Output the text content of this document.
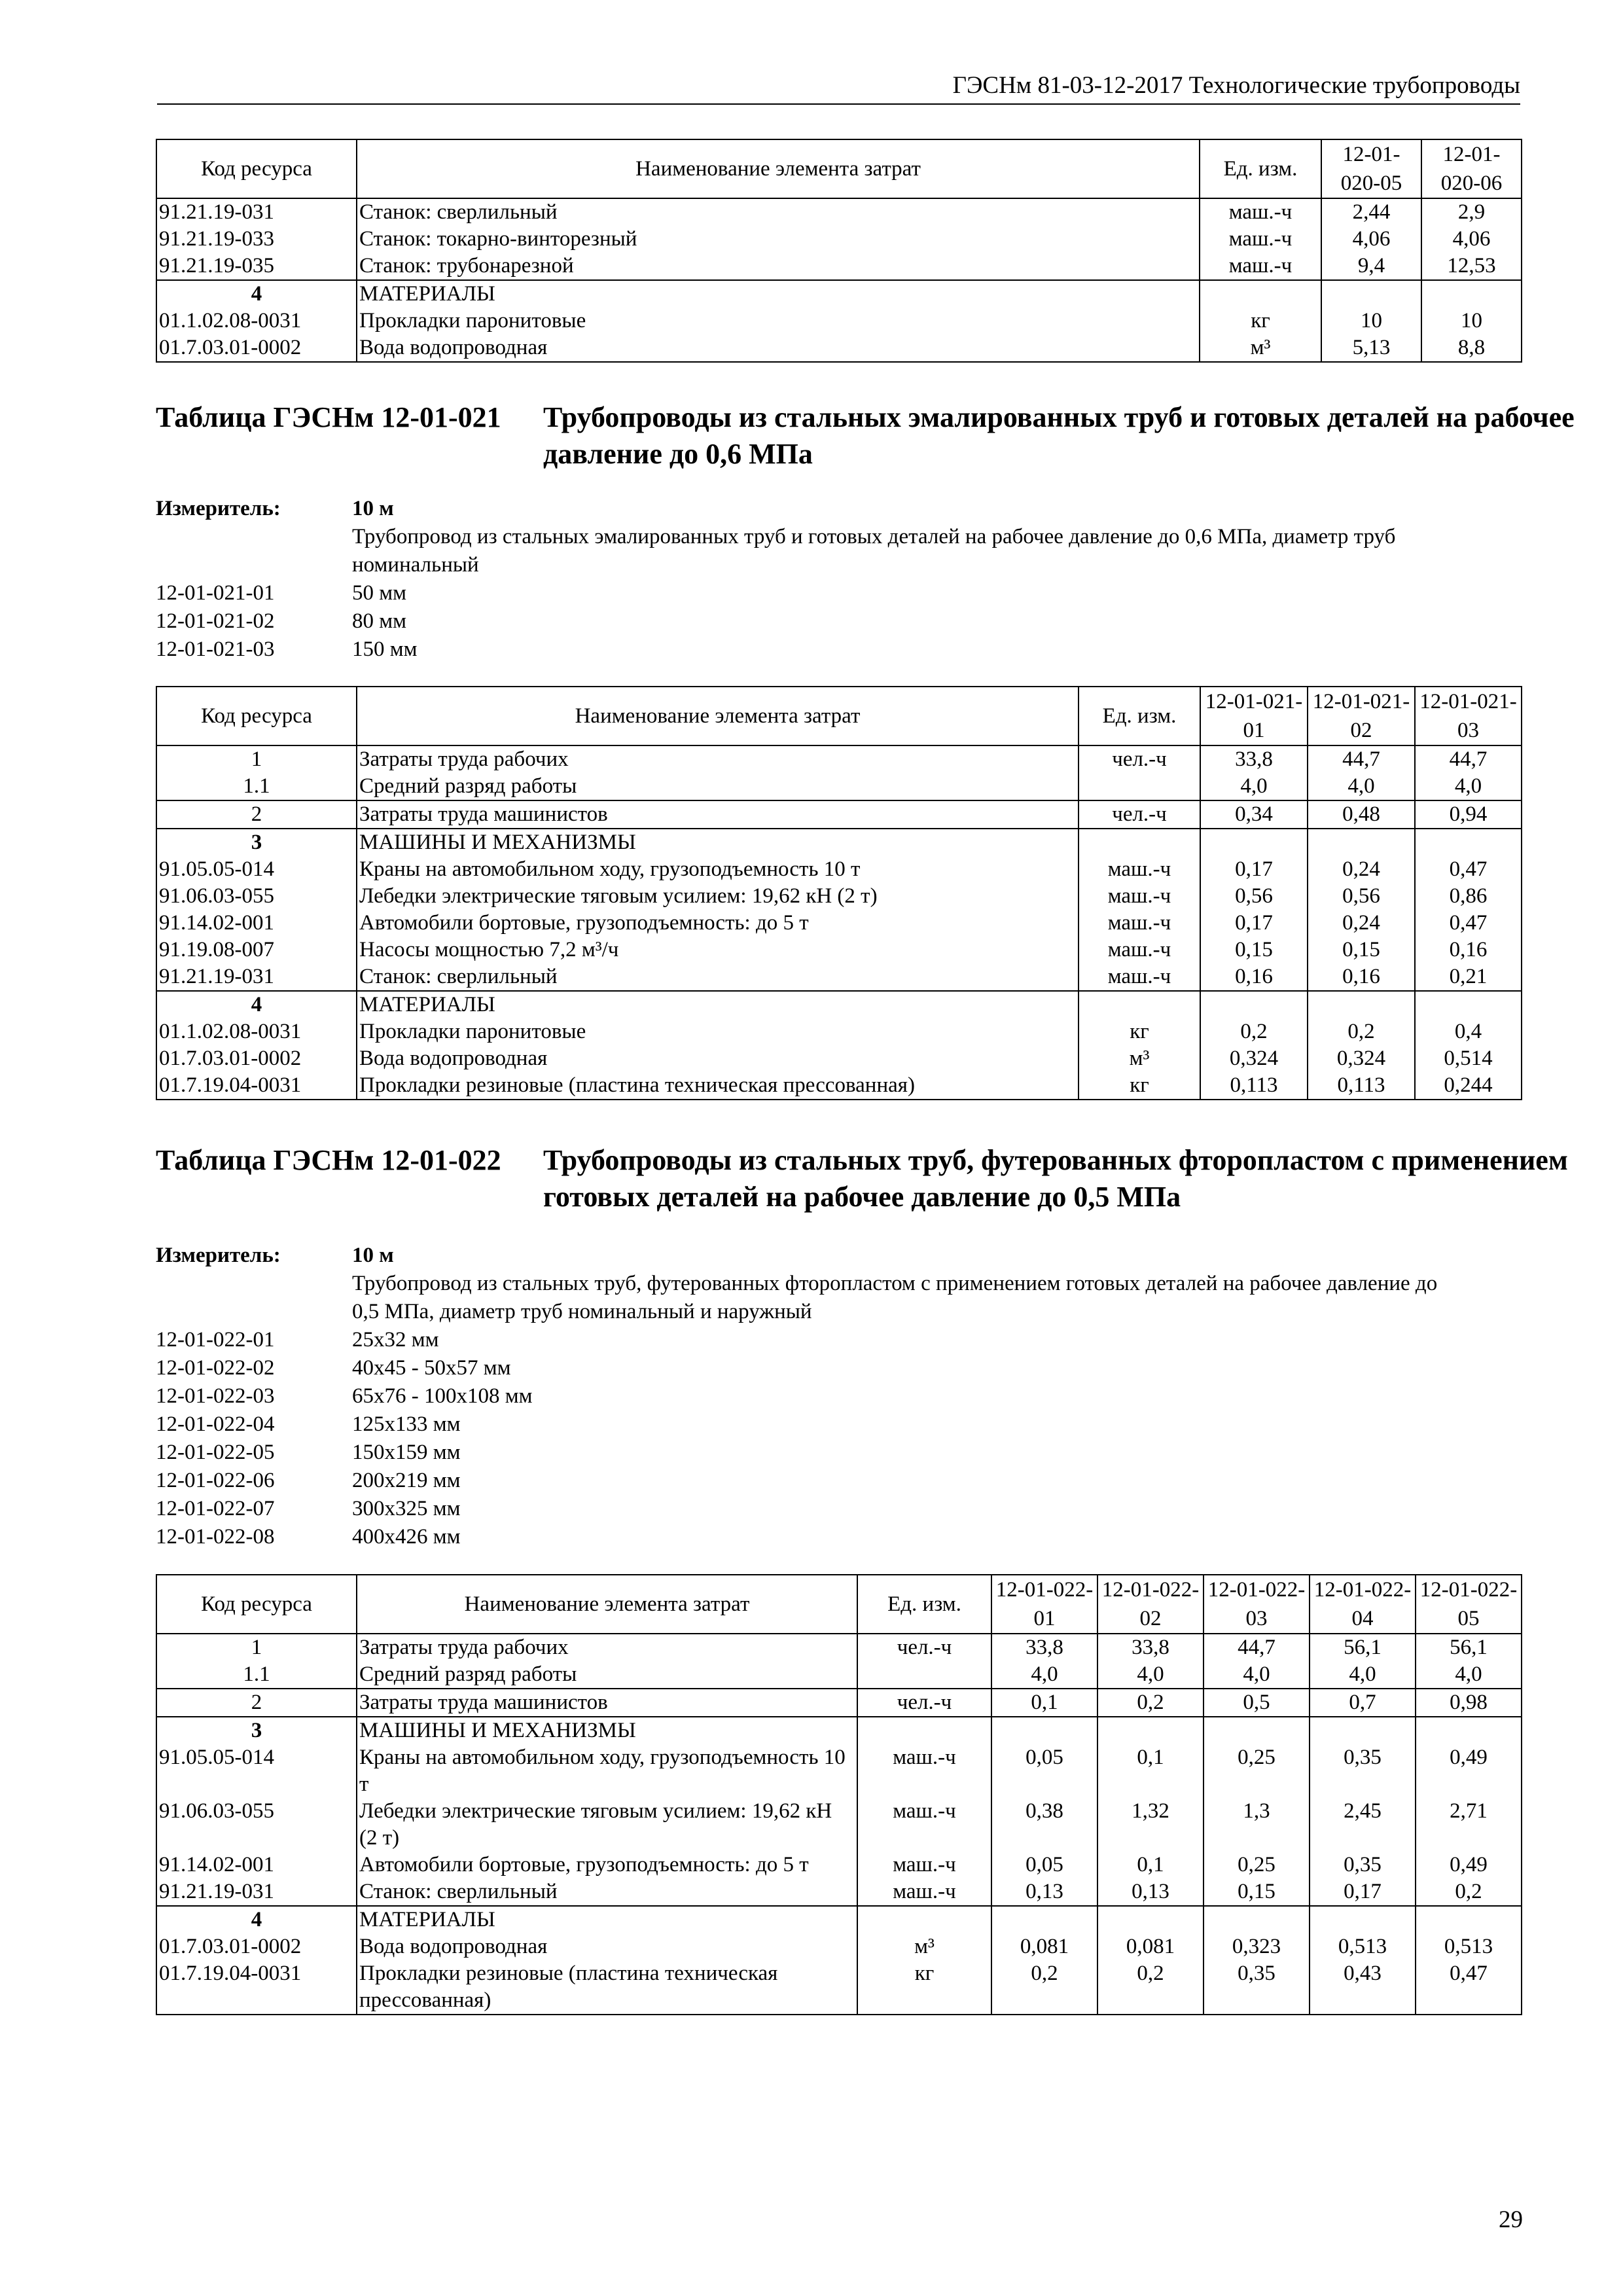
ГЭСНм 81-03-12-2017 Технологические трубопроводы
Код ресурса	Наименование элемента затрат	Ед. изм.	12-01-020-05	12-01-020-06
91.21.19-031	Станок: сверлильный	маш.-ч	2,44	2,9
91.21.19-033	Станок: токарно-винторезный	маш.-ч	4,06	4,06
91.21.19-035	Станок: трубонарезной	маш.-ч	9,4	12,53
4	МАТЕРИАЛЫ			
01.1.02.08-0031	Прокладки паронитовые	кг	10	10
01.7.03.01-0002	Вода водопроводная	м³	5,13	8,8
Таблица ГЭСНм 12-01-021 Трубопроводы из стальных эмалированных труб и готовых деталей на рабочее давление до 0,6 МПа
Измеритель:	10 м
Трубопровод из стальных эмалированных труб и готовых деталей на рабочее давление до 0,6 МПа, диаметр труб номинальный
12-01-021-01	50 мм
12-01-021-02	80 мм
12-01-021-03	150 мм
Код ресурса	Наименование элемента затрат	Ед. изм.	12-01-021-01	12-01-021-02	12-01-021-03
1	Затраты труда рабочих	чел.-ч	33,8	44,7	44,7
1.1	Средний разряд работы		4,0	4,0	4,0
2	Затраты труда машинистов	чел.-ч	0,34	0,48	0,94
3	МАШИНЫ И МЕХАНИЗМЫ				
91.05.05-014	Краны на автомобильном ходу, грузоподъемность 10 т	маш.-ч	0,17	0,24	0,47
91.06.03-055	Лебедки электрические тяговым усилием: 19,62 кН (2 т)	маш.-ч	0,56	0,56	0,86
91.14.02-001	Автомобили бортовые, грузоподъемность: до 5 т	маш.-ч	0,17	0,24	0,47
91.19.08-007	Насосы мощностью 7,2 м³/ч	маш.-ч	0,15	0,15	0,16
91.21.19-031	Станок: сверлильный	маш.-ч	0,16	0,16	0,21
4	МАТЕРИАЛЫ				
01.1.02.08-0031	Прокладки паронитовые	кг	0,2	0,2	0,4
01.7.03.01-0002	Вода водопроводная	м³	0,324	0,324	0,514
01.7.19.04-0031	Прокладки резиновые (пластина техническая прессованная)	кг	0,113	0,113	0,244
Таблица ГЭСНм 12-01-022 Трубопроводы из стальных труб, футерованных фторопластом с применением готовых деталей на рабочее давление до 0,5 МПа
Измеритель:	10 м
Трубопровод из стальных труб, футерованных фторопластом с применением готовых деталей на рабочее давление до 0,5 МПа, диаметр труб номинальный и наружный
12-01-022-01	25х32 мм
12-01-022-02	40х45 - 50х57 мм
12-01-022-03	65х76 - 100х108 мм
12-01-022-04	125х133 мм
12-01-022-05	150х159 мм
12-01-022-06	200х219 мм
12-01-022-07	300х325 мм
12-01-022-08	400х426 мм
Код ресурса	Наименование элемента затрат	Ед. изм.	12-01-022-01	12-01-022-02	12-01-022-03	12-01-022-04	12-01-022-05
1	Затраты труда рабочих	чел.-ч	33,8	33,8	44,7	56,1	56,1
1.1	Средний разряд работы		4,0	4,0	4,0	4,0	4,0
2	Затраты труда машинистов	чел.-ч	0,1	0,2	0,5	0,7	0,98
3	МАШИНЫ И МЕХАНИЗМЫ						
91.05.05-014	Краны на автомобильном ходу, грузоподъемность 10 т	маш.-ч	0,05	0,1	0,25	0,35	0,49
91.06.03-055	Лебедки электрические тяговым усилием: 19,62 кН (2 т)	маш.-ч	0,38	1,32	1,3	2,45	2,71
91.14.02-001	Автомобили бортовые, грузоподъемность: до 5 т	маш.-ч	0,05	0,1	0,25	0,35	0,49
91.21.19-031	Станок: сверлильный	маш.-ч	0,13	0,13	0,15	0,17	0,2
4	МАТЕРИАЛЫ						
01.7.03.01-0002	Вода водопроводная	м³	0,081	0,081	0,323	0,513	0,513
01.7.19.04-0031	Прокладки резиновые (пластина техническая прессованная)	кг	0,2	0,2	0,35	0,43	0,47
29
